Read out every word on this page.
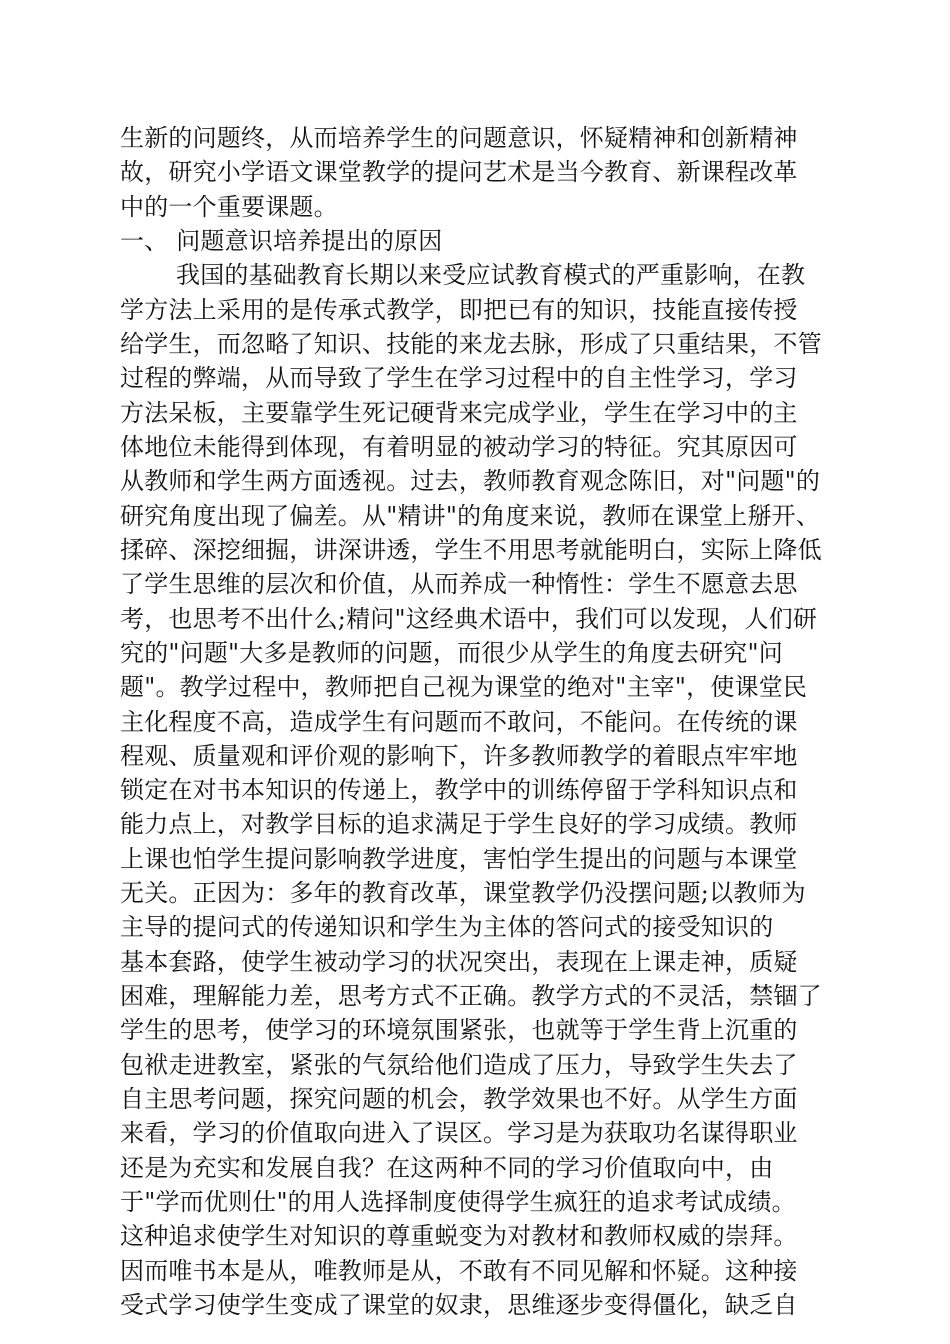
生新的问题终，从而培养学生的问题意识，怀疑精神和创新精神
故，研究小学语文课堂教学的提问艺术是当今教育、新课程改革
中的一个重要课题。
一、 问题意识培养提出的原因
我国的基础教育长期以来受应试教育模式的严重影响，在教
学方法上采用的是传承式教学，即把已有的知识，技能直接传授
给学生，而忽略了知识、技能的来龙去脉，形成了只重结果，不管
过程的弊端，从而导致了学生在学习过程中的自主性学习，学习
方法呆板，主要靠学生死记硬背来完成学业，学生在学习中的主
体地位未能得到体现，有着明显的被动学习的特征。究其原因可
从教师和学生两方面透视。过去，教师教育观念陈旧，对"问题"的
研究角度出现了偏差。从"精讲"的角度来说，教师在课堂上掰开、
揉碎、深挖细掘，讲深讲透，学生不用思考就能明白，实际上降低
了学生思维的层次和价值，从而养成一种惰性：学生不愿意去思
考，也思考不出什么;精问"这经典术语中，我们可以发现，人们研
究的"问题"大多是教师的问题，而很少从学生的角度去研究"问
题"。教学过程中，教师把自己视为课堂的绝对"主宰"，使课堂民
主化程度不高，造成学生有问题而不敢问，不能问。在传统的课
程观、质量观和评价观的影响下，许多教师教学的着眼点牢牢地
锁定在对书本知识的传递上，教学中的训练停留于学科知识点和
能力点上，对教学目标的追求满足于学生良好的学习成绩。教师
上课也怕学生提问影响教学进度，害怕学生提出的问题与本课堂
无关。正因为：多年的教育改革，课堂教学仍没摆问题;以教师为
主导的提问式的传递知识和学生为主体的答问式的接受知识的
基本套路，使学生被动学习的状况突出，表现在上课走神，质疑
困难，理解能力差，思考方式不正确。教学方式的不灵活，禁锢了
学生的思考，使学习的环境氛围紧张，也就等于学生背上沉重的
包袱走进教室，紧张的气氛给他们造成了压力，导致学生失去了
自主思考问题，探究问题的机会，教学效果也不好。从学生方面
来看，学习的价值取向进入了误区。学习是为获取功名谋得职业
还是为充实和发展自我？在这两种不同的学习价值取向中，由
于"学而优则仕"的用人选择制度使得学生疯狂的追求考试成绩。
这种追求使学生对知识的尊重蜕变为对教材和教师权威的崇拜。
因而唯书本是从，唯教师是从，不敢有不同见解和怀疑。这种接
受式学习使学生变成了课堂的奴隶，思维逐步变得僵化，缺乏自
